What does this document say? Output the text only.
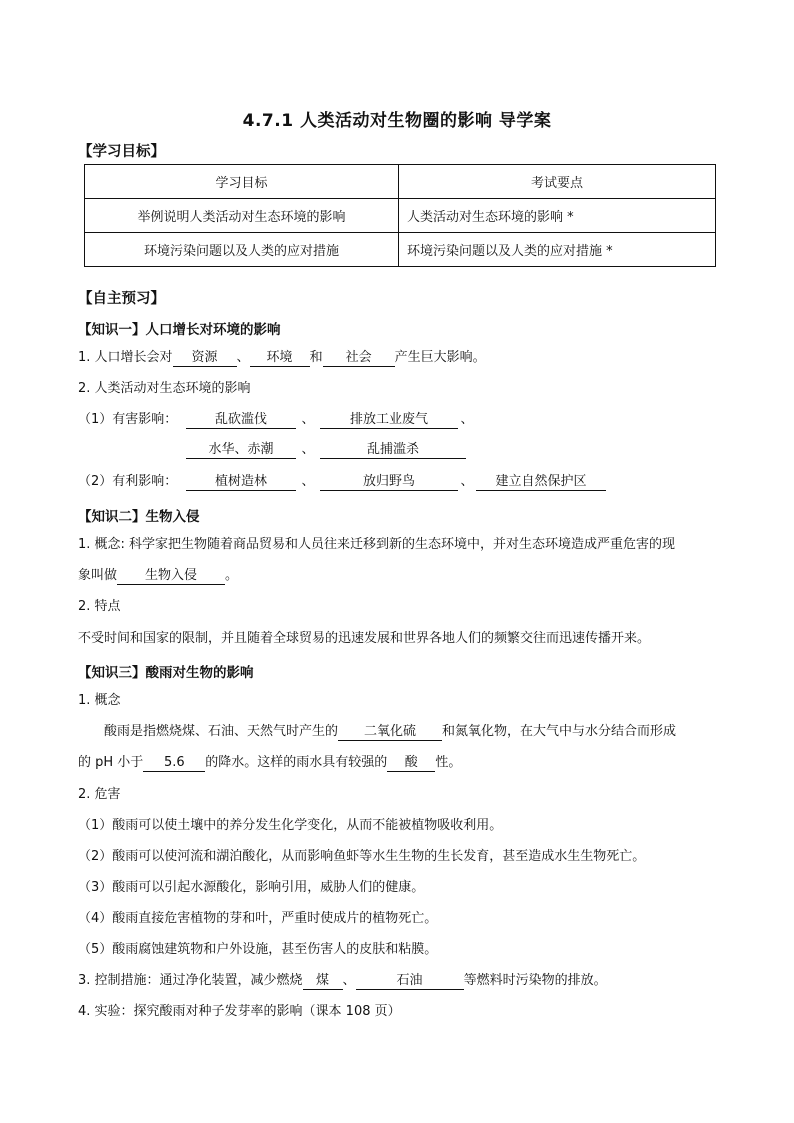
4.7.1 人类活动对生物圈的影响 导学案
【学习目标】
学习目标	考试要点
举例说明人类活动对生态环境的影响	人类活动对生态环境的影响 *
环境污染问题以及人类的应对措施	环境污染问题以及人类的应对措施 *
【自主预习】
【知识一】人口增长对环境的影响
1. 人口增长会对 资源 、 环境 和 社会 产生巨大影响。
2. 人类活动对生态环境的影响
（1）有害影响：	乱砍滥伐	、	排放工业废气 、
水华、赤潮 、	乱捕滥杀
（2）有利影响：	植树造林	、	放归野鸟	、 建立自然保护区
【知识二】生物入侵
1. 概念: 科学家把生物随着商品贸易和人员往来迁移到新的生态环境中，并对生态环境造成严重危害的现
象叫做 生物入侵 。
2. 特点
不受时间和国家的限制，并且随着全球贸易的迅速发展和世界各地人们的频繁交往而迅速传播开来。
【知识三】酸雨对生物的影响
1. 概念
酸雨是指燃烧煤、石油、天然气时产生的 二氧化硫 和氮氧化物，在大气中与水分结合而形成
的 pH 小于 5.6 的降水。这样的雨水具有较强的 酸 性。
2. 危害
（1）酸雨可以使土壤中的养分发生化学变化，从而不能被植物吸收利用。
（2）酸雨可以使河流和湖泊酸化，从而影响鱼虾等水生生物的生长发育，甚至造成水生生物死亡。
（3）酸雨可以引起水源酸化，影响引用，威胁人们的健康。
（4）酸雨直接危害植物的芽和叶，严重时使成片的植物死亡。
（5）酸雨腐蚀建筑物和户外设施，甚至伤害人的皮肤和粘膜。
3. 控制措施：通过净化装置，减少燃烧 煤 、	石油	等燃料时污染物的排放。
4. 实验：探究酸雨对种子发芽率的影响（课本 108 页）
